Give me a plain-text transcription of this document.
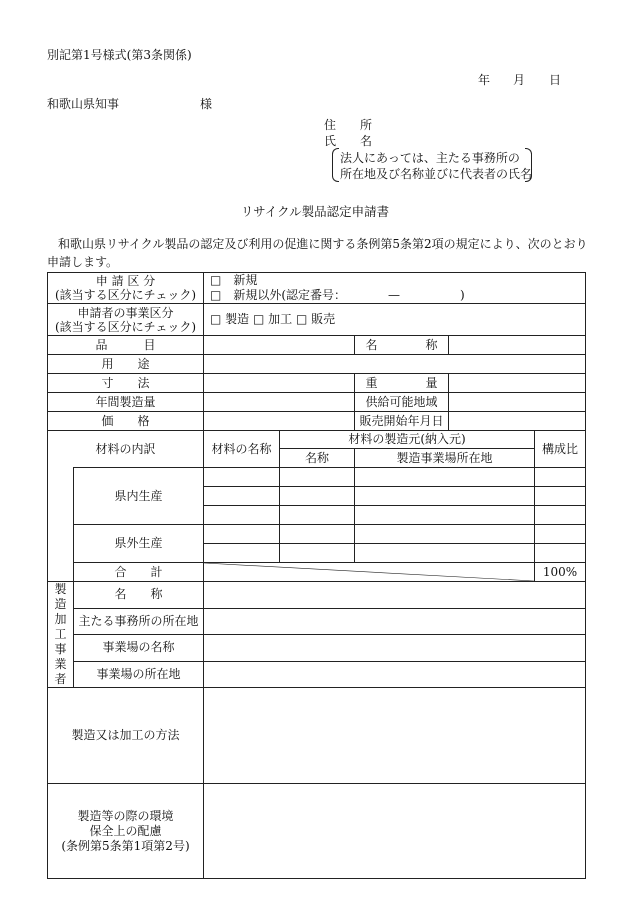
別記第1号様式(第3条関係)
年 月 日
和歌山県知事	様
住　　所
氏　　名
法人にあっては、主たる事務所の
所在地及び名称並びに代表者の氏名
リサイクル製品認定申請書
和歌山県リサイクル製品の認定及び利用の促進に関する条例第5条第2項の規定により、次のとおり
申請します。
申 請 区 分
(該当する区分にチェック)		□　新規				
		□　新規以外(認定番号：　　　　—　　　　　)				

申請者の事業区分
(該当する区分にチェック)		□ 製造 □ 加工 □ 販売				
品　　　目				名　　　　称		
用　　途						
寸　　法				重　　　　量		
年間製造量				供給可能地域		
価　　格				販売開始年月日		
材料の内訳		材料の名称	材料の製造元(納入元)			構成比
			名称	製造事業場所在地		
	県内生産					

	県外生産					

	合　　計					100%

製造加工事業者	名　　称					
	主たる事務所の所在地					
	事業場の名称					
	事業場の所在地					
製造又は加工の方法						

製造等の際の環境
保全上の配慮
(条例第5条第1項第2号)						
